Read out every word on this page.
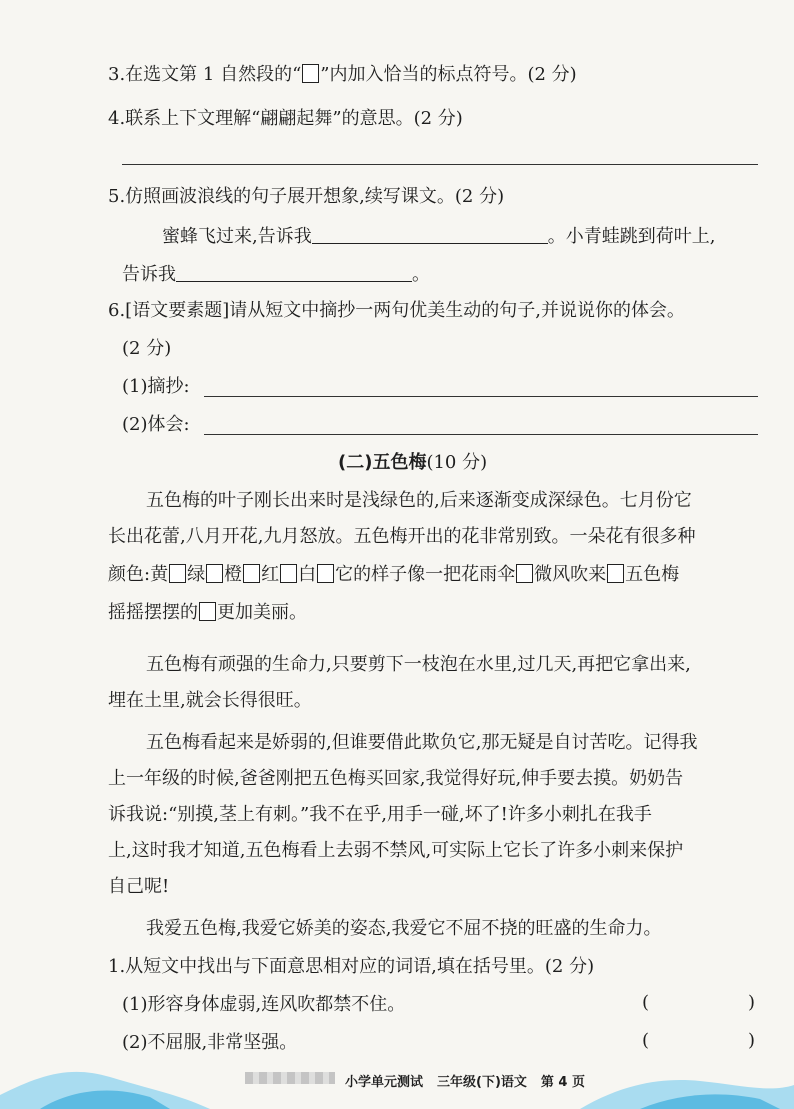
3.在选文第 1 自然段的“ ”内加入恰当的标点符号。(2 分)
4.联系上下文理解“翩翩起舞”的意思。(2 分)
5.仿照画波浪线的句子展开想象,续写课文。(2 分)
蜜蜂飞过来,告诉我	。小青蛙跳到荷叶上,
告诉我	。
6.[语文要素题]请从短文中摘抄一两句优美生动的句子,并说说你的体会。
(2 分)
(1)摘抄:
(2)体会:
(二)五色梅(10 分)
五色梅的叶子刚长出来时是浅绿色的,后来逐渐变成深绿色。七月份它
长出花蕾,八月开花,九月怒放。五色梅开出的花非常别致。一朵花有很多种
颜色:黄 绿 橙 红 白 它的样子像一把花雨伞 微风吹来 五色梅
摇摇摆摆的 更加美丽。
五色梅有顽强的生命力,只要剪下一枝泡在水里,过几天,再把它拿出来,
埋在土里,就会长得很旺。
五色梅看起来是娇弱的,但谁要借此欺负它,那无疑是自讨苦吃。记得我
上一年级的时候,爸爸刚把五色梅买回家,我觉得好玩,伸手要去摸。奶奶告
诉我说:“别摸,茎上有刺。”我不在乎,用手一碰,坏了!许多小刺扎在我手
上,这时我才知道,五色梅看上去弱不禁风,可实际上它长了许多小刺来保护
自己呢!
我爱五色梅,我爱它娇美的姿态,我爱它不屈不挠的旺盛的生命力。
1.从短文中找出与下面意思相对应的词语,填在括号里。(2 分)
(1)形容身体虚弱,连风吹都禁不住。	(	)
(2)不屈服,非常坚强。	(	)
小学单元测试 三年级(下)语文 第 4 页
